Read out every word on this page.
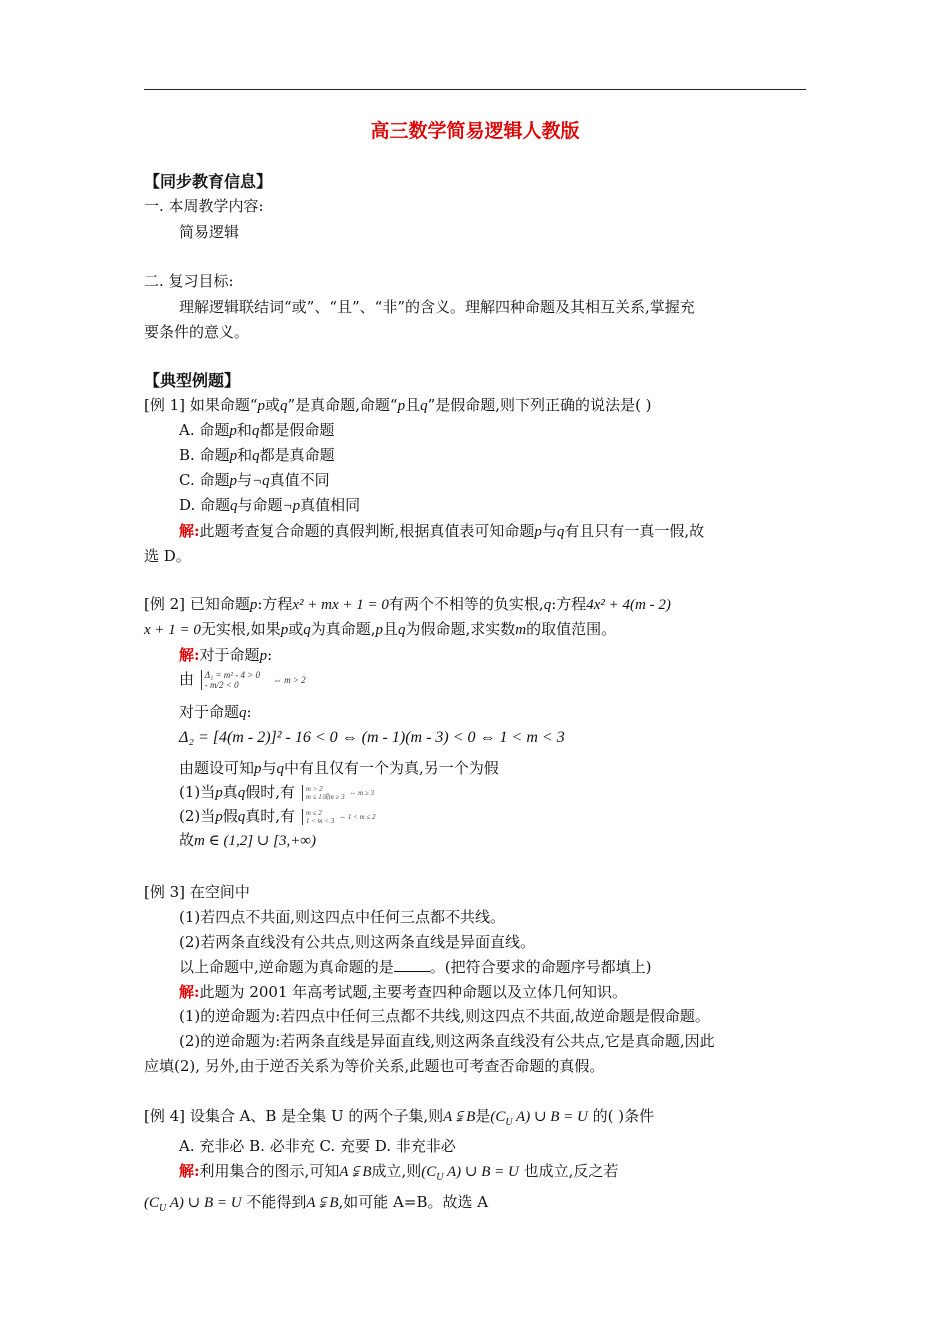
高三数学简易逻辑人教版
【同步教育信息】
一. 本周教学内容:
简易逻辑
二. 复习目标:
理解逻辑联结词“或”、“且”、“非”的含义。理解四种命题及其相互关系,掌握充
要条件的意义。
【典型例题】
[例 1] 如果命题“p或q”是真命题,命题“p且q”是假命题,则下列正确的说法是( )
A. 命题p和q都是假命题
B. 命题p和q都是真命题
C. 命题p与¬q真值不同
D. 命题q与命题¬p真值相同
解:此题考查复合命题的真假判断,根据真值表可知命题p与q有且只有一真一假,故
选 D。
[例 2] 已知命题p:方程x² + mx + 1 = 0有两个不相等的负实根,q:方程4x² + 4(m - 2)
x + 1 = 0无实根,如果p或q为真命题,p且q为假命题,求实数m的取值范围。
解:对于命题p:
由 Δ₁ = m² - 4 > 0
- m/2 < 0	⇔ m > 2
对于命题q:
Δ₂ = [4(m - 2)]² - 16 < 0 ⇔ (m - 1)(m - 3) < 0 ⇔ 1 < m < 3
由题设可知p与q中有且仅有一个为真,另一个为假
(1)当p真q假时,有 m > 2
m ≤ 1或m ≥ 3 ⇔ m ≥ 3
(2)当p假q真时,有 m ≤ 2
1 < m < 3 ⇔ 1 < m ≤ 2
故m ∈ (1,2] ∪ [3,+∞)
[例 3] 在空间中
(1)若四点不共面,则这四点中任何三点都不共线。
(2)若两条直线没有公共点,则这两条直线是异面直线。
以上命题中,逆命题为真命题的是 。(把符合要求的命题序号都填上)
解:此题为 2001 年高考试题,主要考查四种命题以及立体几何知识。
(1)的逆命题为:若四点中任何三点都不共线,则这四点不共面,故逆命题是假命题。
(2)的逆命题为:若两条直线是异面直线,则这两条直线没有公共点,它是真命题,因此
应填(2), 另外,由于逆否关系为等价关系,此题也可考查否命题的真假。
[例 4] 设集合 A、B 是全集 U 的两个子集,则A ⫋ B是($C_U$ A) ∪ B = U 的( )条件
A. 充非必 B. 必非充 C. 充要 D. 非充非必
解:利用集合的图示,可知A ⫋ B成立,则($C_U$ A) ∪ B = U 也成立,反之若
($C_U$ A) ∪ B = U 不能得到A ⫋ B,如可能 A=B。故选 A
